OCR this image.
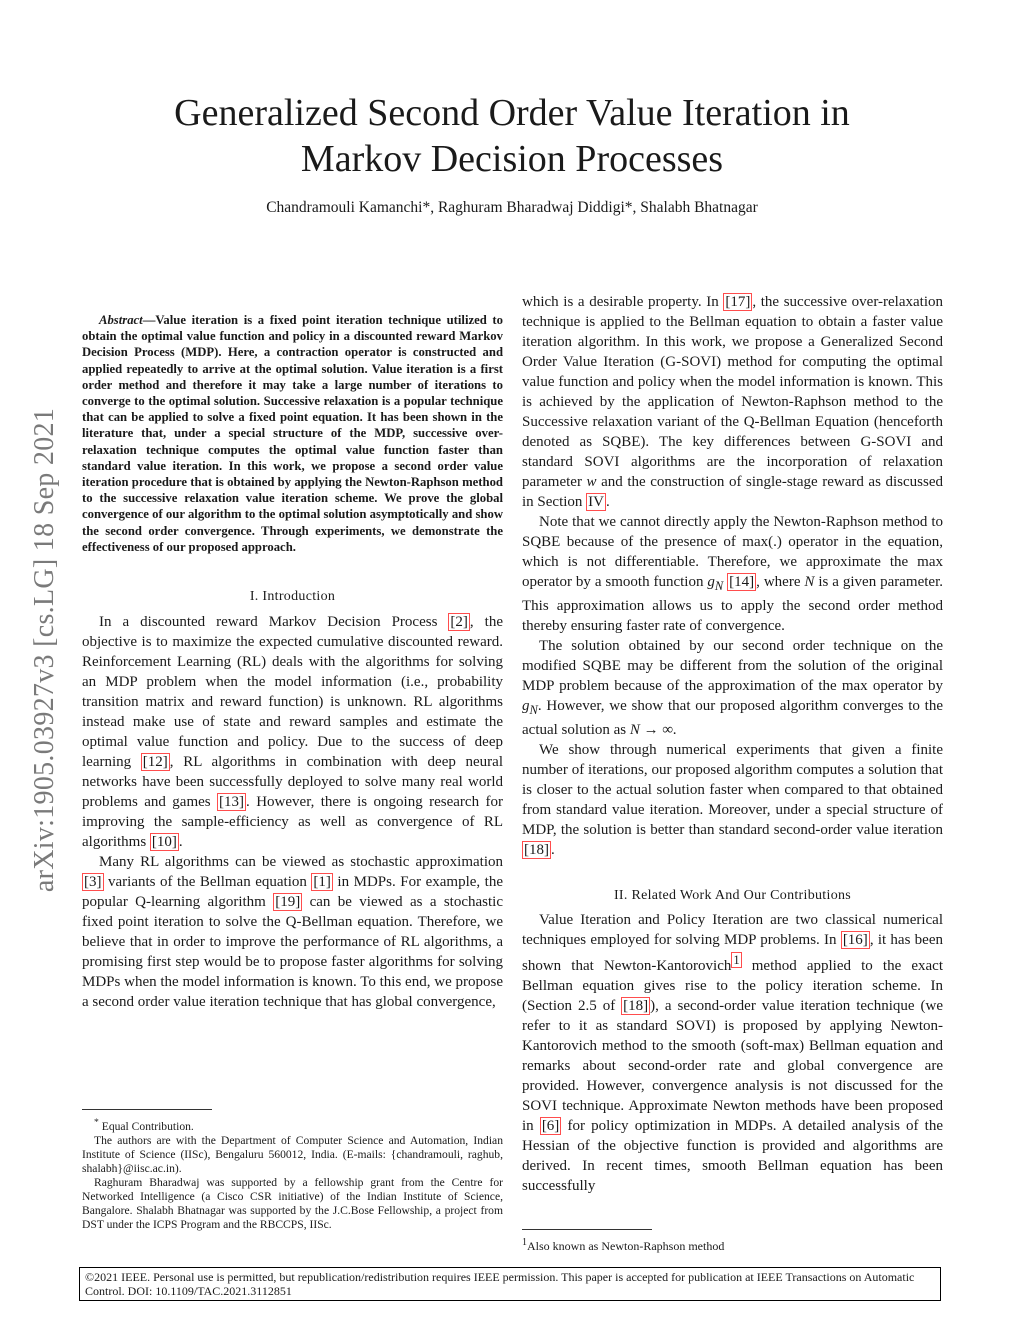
arXiv:1905.03927v3 [cs.LG] 18 Sep 2021
Generalized Second Order Value Iteration in
Markov Decision Processes
Chandramouli Kamanchi*, Raghuram Bharadwaj Diddigi*, Shalabh Bhatnagar

Abstract—Value iteration is a fixed point iteration technique utilized to obtain the optimal value function and policy in a discounted reward Markov Decision Process (MDP). Here, a contraction operator is constructed and applied repeatedly to arrive at the optimal solution. Value iteration is a first order method and therefore it may take a large number of iterations to converge to the optimal solution. Successive relaxation is a popular technique that can be applied to solve a fixed point equation. It has been shown in the literature that, under a special structure of the MDP, successive over-relaxation technique computes the optimal value function faster than standard value iteration. In this work, we propose a second order value iteration procedure that is obtained by applying the Newton-Raphson method to the successive relaxation value iteration scheme. We prove the global convergence of our algorithm to the optimal solution asymptotically and show the second order convergence. Through experiments, we demonstrate the effectiveness of our proposed approach.

I. Introduction

In a discounted reward Markov Decision Process [2] , the objective is to maximize the expected cumulative discounted reward. Reinforcement Learning (RL) deals with the algorithms for solving an MDP problem when the model information (i.e., probability transition matrix and reward function) is unknown. RL algorithms instead make use of state and reward samples and estimate the optimal value function and policy. Due to the success of deep learning [12] , RL algorithms in combination with deep neural networks have been successfully deployed to solve many real world problems and games [13] . However, there is ongoing research for improving the sample-efficiency as well as convergence of RL algorithms [10] .

Many RL algorithms can be viewed as stochastic approximation [3] variants of the Bellman equation [1] in MDPs. For example, the popular Q-learning algorithm [19] can be viewed as a stochastic fixed point iteration to solve the Q-Bellman equation. Therefore, we believe that in order to improve the performance of RL algorithms, a promising first step would be to propose faster algorithms for solving MDPs when the model information is known. To this end, we propose a second order value iteration technique that has global convergence,

* Equal Contribution.

The authors are with the Department of Computer Science and Automation, Indian Institute of Science (IISc), Bengaluru 560012, India. (E-mails: {chandramouli, raghub, shalabh}@iisc.ac.in).

Raghuram Bharadwaj was supported by a fellowship grant from the Centre for Networked Intelligence (a Cisco CSR initiative) of the Indian Institute of Science, Bangalore. Shalabh Bhatnagar was supported by the J.C.Bose Fellowship, a project from DST under the ICPS Program and the RBCCPS, IISc.

which is a desirable property. In [17] , the successive over-relaxation technique is applied to the Bellman equation to obtain a faster value iteration algorithm. In this work, we propose a Generalized Second Order Value Iteration (G-SOVI) method for computing the optimal value function and policy when the model information is known. This is achieved by the application of Newton-Raphson method to the Successive relaxation variant of the Q-Bellman Equation (henceforth denoted as SQBE). The key differences between G-SOVI and standard SOVI algorithms are the incorporation of relaxation parameter w and the construction of single-stage reward as discussed in Section IV .

Note that we cannot directly apply the Newton-Raphson method to SQBE because of the presence of max(.) operator in the equation, which is not differentiable. Therefore, we approximate the max operator by a smooth function $g_N$ [14] , where N is a given parameter. This approximation allows us to apply the second order method thereby ensuring faster rate of convergence.

The solution obtained by our second order technique on the modified SQBE may be different from the solution of the original MDP problem because of the approximation of the max operator by $g_N$. However, we show that our proposed algorithm converges to the actual solution as N → ∞.

We show through numerical experiments that given a finite number of iterations, our proposed algorithm computes a solution that is closer to the actual solution faster when compared to that obtained from standard value iteration. Moreover, under a special structure of MDP, the solution is better than standard second-order value iteration [18] .

II. Related Work And Our Contributions

Value Iteration and Policy Iteration are two classical numerical techniques employed for solving MDP problems. In [16] , it has been shown that Newton-Kantorovich $^1$ method applied to the exact Bellman equation gives rise to the policy iteration scheme. In (Section 2.5 of [18] ), a second-order value iteration technique (we refer to it as standard SOVI) is proposed by applying Newton-Kantorovich method to the smooth (soft-max) Bellman equation and remarks about second-order rate and global convergence are provided. However, convergence analysis is not discussed for the SOVI technique. Approximate Newton methods have been proposed in [6] for policy optimization in MDPs. A detailed analysis of the Hessian of the objective function is provided and algorithms are derived. In recent times, smooth Bellman equation has been successfully

$^1$Also known as Newton-Raphson method
©2021 IEEE. Personal use is permitted, but republication/redistribution requires IEEE permission. This paper is accepted for publication at IEEE Transactions on Automatic Control. DOI: 10.1109/TAC.2021.3112851
